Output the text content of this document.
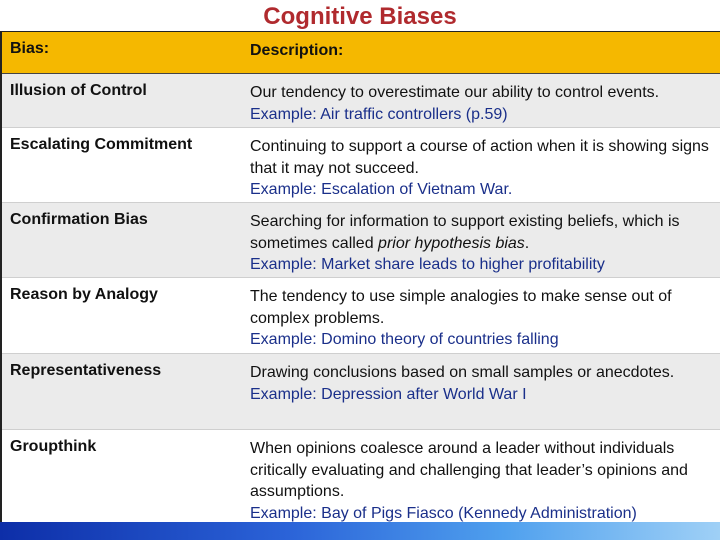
Cognitive Biases
Bias:	Description:
Illusion of Control	Our tendency to overestimate our ability to control events.
Example: Air traffic controllers (p.59)
Escalating Commitment	Continuing to support a course of action when it is showing signs that it may not succeed.
Example: Escalation of Vietnam War.
Confirmation Bias	Searching for information to support existing beliefs, which is sometimes called prior hypothesis bias.
Example: Market share leads to higher profitability
Reason by Analogy	The tendency to use simple analogies to make sense out of complex problems.
Example: Domino theory of countries falling
Representativeness	Drawing conclusions based on small samples or anecdotes.
Example: Depression after World War I
Groupthink	When opinions coalesce around a leader without individuals critically evaluating and challenging that leader’s opinions and assumptions.
Example: Bay of Pigs Fiasco (Kennedy Administration)
